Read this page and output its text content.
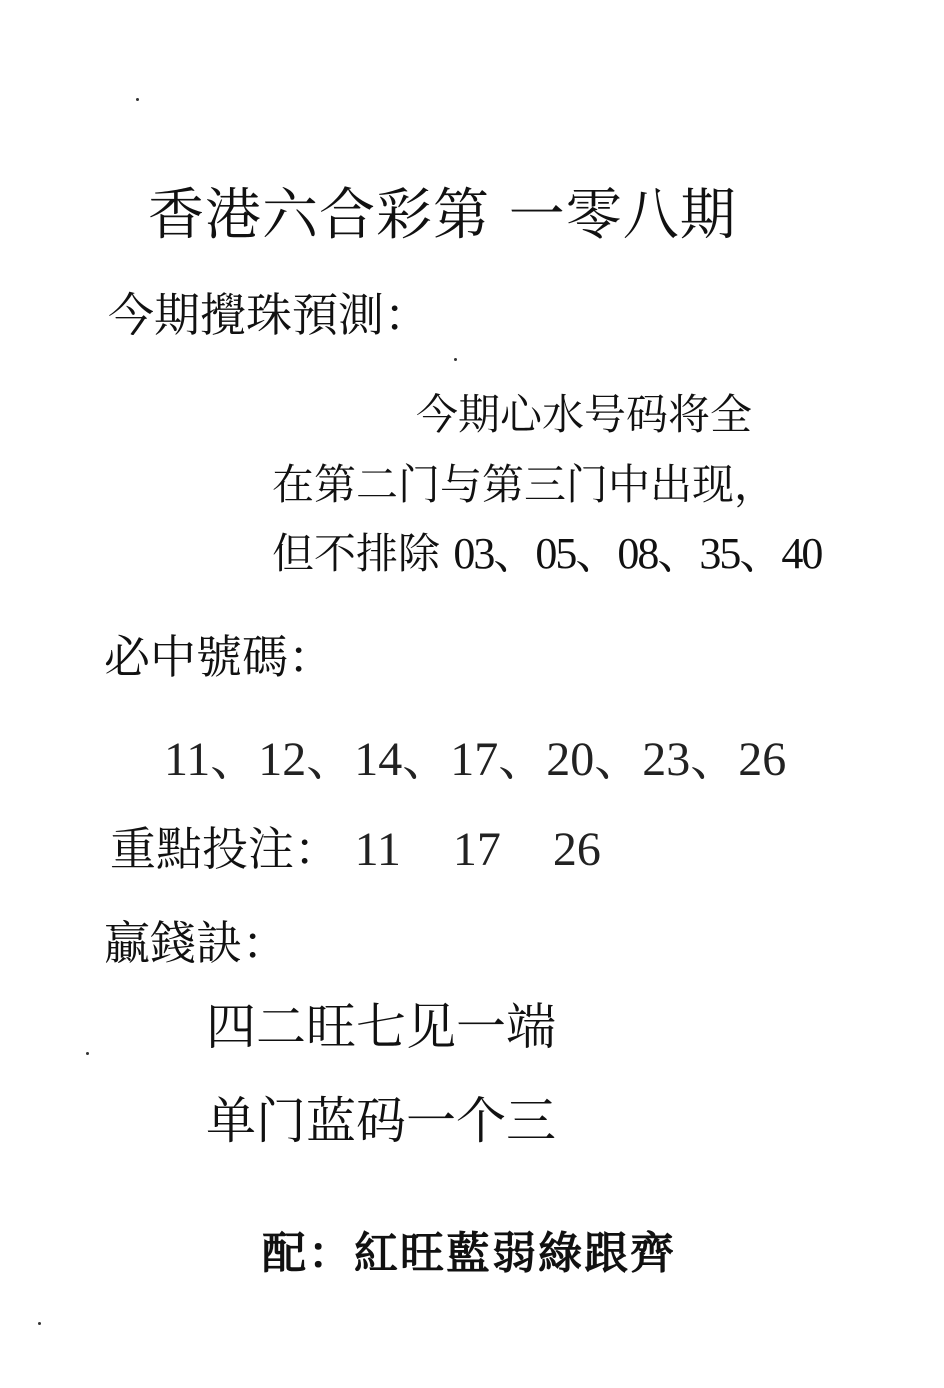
香港六合彩第 一零八期
今期攪珠預測：
今期心水号码将全
在第二门与第三门中出现，
但不排除 03、05、08、35、40
必中號碼：
11、12、14、17、20、23、26
重點投注： 11 17 26
贏錢訣：
四二旺七见一端
单门蓝码一个三
配：紅旺藍弱綠跟齊
